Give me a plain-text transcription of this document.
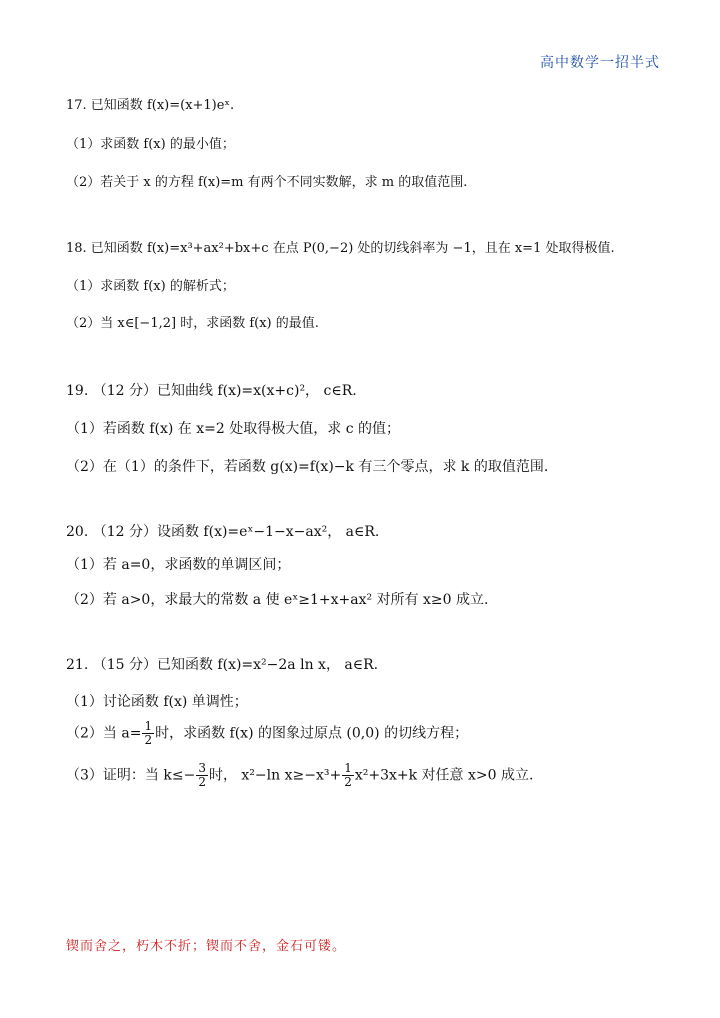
高中数学一招半式
17. 已知函数 f(x)=(x+1)eˣ.
（1）求函数 f(x) 的最小值；
（2）若关于 x 的方程 f(x)=m 有两个不同实数解，求 m 的取值范围.
18. 已知函数 f(x)=x³+ax²+bx+c 在点 P(0,−2) 处的切线斜率为 −1，且在 x=1 处取得极值.
（1）求函数 f(x) 的解析式；
（2）当 x∈[−1,2] 时，求函数 f(x) 的最值.
19. （12 分）已知曲线 f(x)=x(x+c)²， c∈R.
（1）若函数 f(x) 在 x=2 处取得极大值，求 c 的值；
（2）在（1）的条件下，若函数 g(x)=f(x)−k 有三个零点，求 k 的取值范围.
20. （12 分）设函数 f(x)=eˣ−1−x−ax²， a∈R.
（1）若 a=0，求函数的单调区间；
（2）若 a>0，求最大的常数 a 使 eˣ≥1+x+ax² 对所有 x≥0 成立.
21. （15 分）已知函数 f(x)=x²−2a ln x， a∈R.
（1）讨论函数 f(x) 单调性；
（2）当 $a= \frac{1}{2}$ 时，求函数 f(x) 的图象过原点 (0,0) 的切线方程；
（3）证明：当 $k\le- \frac{3}{2}$ 时， x²−ln $x\ge-x^3+ \frac{1}{2} x^2+3x+k$ 对任意 x>0 成立.
锲而舍之，朽木不折；锲而不舍，金石可镂。
